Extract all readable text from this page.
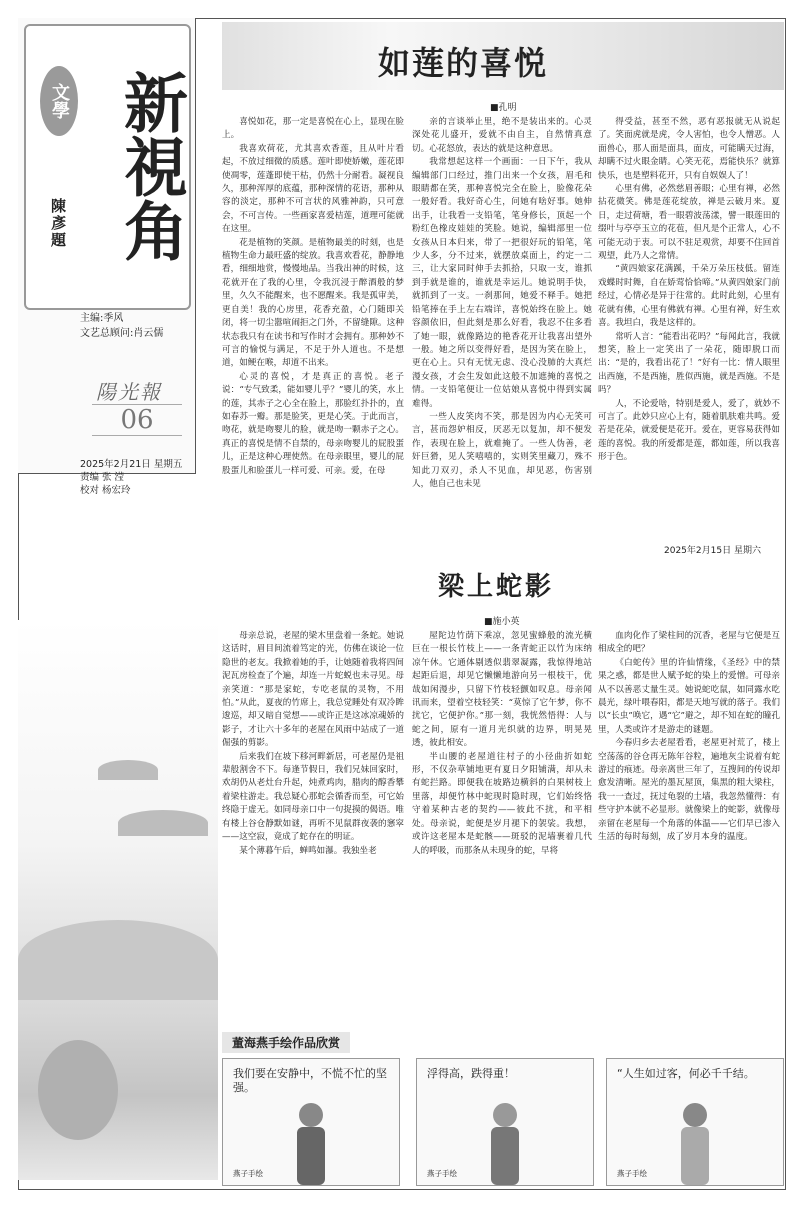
文學 新視角
陳彥題
主编:季风
文艺总顾问:肖云儒
陽光報
06
2025年2月21日 星期五
责编 张 滢
校对 杨宏玲
如莲的喜悦
■孔明

喜悦如花，那一定是喜悦在心上，显现在脸上。

我喜欢荷花，尤其喜欢香莲，且从叶片看起，不放过细微的质感。莲叶即使娇嫩，莲花即使凋零，莲蓬即使干枯，仍然十分耐看。凝视良久，那种浑厚的底蕴，那种深情的花语，那种从容的淡定，那种不可言状的风雅神韵，只可意会，不可言传。一些画家喜爱桔莲，道理可能就在这里。

花是植物的笑颜。是植物最美的时刻，也是植物生命力最旺盛的绽放。我喜欢看花，静静地看，细细地赏，慢慢地品。当我出神的时候，这花就开在了我的心里，令我沉浸于醉酒般的梦里，久久不能醒来，也不愿醒来。我是孤审美，更自美！我的心房里，花香充盈，心门随即关闭，将一切尘嚣喧闹拒之门外，不留缝隙。这种状态我只有在读书和写作时才会拥有。那种妙不可言的愉悦与满足，不足于外人道也。不是想道，如鲠在喉，却道不出来。

心灵的喜悦，才是真正的喜悦。老子说：“专气致柔，能如婴儿乎？”婴儿的笑，水上的莲，其赤子之心全在脸上，那脸红扑扑的，直如春苏一瓣。那是脸笑，更是心笑。于此而言，吻花，就是吻婴儿的脸，就是吻一颗赤子之心。真正的喜悦是情不自禁的，母亲吻婴儿的屁股蛋儿，正是这种心理使然。在母亲眼里，婴儿的屁股蛋儿和脸蛋儿一样可爱、可亲。爱，在母

亲的言谈举止里，绝不是装出来的。心灵深处花儿盛开，爱就不由自主，自然情真意切。心花怒放，表达的就是这种意思。

我常想起这样一个画面：一日下午，我从编辑部门口经过，推门出来一个女孩，眉毛和眼睛都在笑，那种喜悦完全在脸上，脸像花朵一般好看。我好奇心生，问她有啥好事。她伸出手，让我看一支铅笔，笔身修长，顶起一个粉红色橡皮娃娃的笑脸。她说，编辑部里一位女孩从日本归来，带了一把很好玩的铅笔，笔少人多，分不过来，就摆放桌面上，约定一二三，让大家同时伸手去抓拾，只取一支，谁抓到手就是谁的，谁就是幸运儿。她说明手快，就抓到了一支。一刹那间，她爱不释手。她把铅笔捧在手上左右端详，喜悦始终在脸上。她容颜依旧，但此刻是那么好看，我忍不住多看了她一眼，就像路边的艳香花开让我喜出望外一般。她之所以变得好看，是因为笑在脸上，更在心上。只有无忧无虑、没心没肺的大真烂漫女孩，才会生发如此这般不加遮掩的喜悦之情。一支铅笔便让一位姑娘从喜悦中得到实属难得。

一些人皮笑肉不笑，那是因为内心无笑可言，甚而怨妒相反，厌恶无以复加，却不便发作，表现在脸上，就难掩了。一些人伪善，老奸巨猾，见人笑嘻嘻的，实则笑里藏刀，殊不知此刀双刃，杀人不见血，却见恶，伤害别人，他自己也未见

得受益，甚至不然，恶有恶报就无从说起了。笑面虎就是虎，令人害怕，也令人憎恶。人面兽心，那人面是面具，面皮，可能瞒天过海，却瞒不过火眼金睛。心笑无花，焉能快乐？就算快乐，也是塑料花开，只有自娱娱人了！

心里有佛，必然慈眉善眼；心里有禅，必然拈花微笑。佛是莲花绽放，禅是云破月来。夏日，走过荷塘，看一眼碧波荡漾，譬一眼莲田的缀叶与亭亭玉立的花苞，但凡是个正常人，心不可能无动于衷。可以不驻足观赏，却要不住回首观望，此乃人之常情。

“黄四娘家花满蹊，千朵万朵压枝低。留连戏蝶时时舞，自在娇莺恰恰啼。”从黄四娘家门前经过，心情必是异于往常的。此时此刻，心里有花就有佛，心里有佛就有禅。心里有禅，好生欢喜。我坦白，我是这样的。

常听人言：“能看出花吗？”每闻此言，我就想笑，脸上一定笑出了一朵花，随即脱口而出：“是的，我看出花了！”好有一比：情人眼里出西施，不是西施，胜似西施，就是西施。不是吗？

人，不论爱啥，特别是爱人，爱了，就妙不可言了。此妙只应心上有，随着肌肤难共鸣。爱若是花朵，就爱便是花开。爱在，更容易获得如莲的喜悦。我的所爱都是莲，都如莲，所以我喜形于色。

2025年2月15日 星期六
梁上蛇影
■施小英

母亲总说，老屋的梁木里盘着一条蛇。她说这话时，眉目间流着笃定的光，仿佛在谈论一位隐世的老友。我掀着她的手，让她随着我将四间泥瓦房检查了个遍，却连一片蛇蜕也未寻见。母亲笑道：“那是家蛇，专吃老鼠的灵物，不用怕。”从此，夏夜的竹席上，我总觉睡处有双冷眸逡巡，却又暗自觉想——或许正是这冰凉魂娇的影子，才让六十多年的老屋在风雨中站成了一道倔强的剪影。

后来我们在坡下移河畔新居，可老屋仍是祖辈般割舍不下。每逢节假日，我们兄妹回家时，欢胡仍从老灶台升起，炖煮鸡肉，腊肉的醇香攀着梁柱游走。我总疑心那蛇会循香而至，可它始终隐于虚无。如同母亲口中一句捉摸的偈语。唯有楼上谷仓静默如谜，再听不见鼠群夜袭的窸窣——这空寂，竟成了蛇存在的明证。

某个薄暮午后，蝉鸣如瀑。我独坐老

屋陀边竹荫下乘凉，忽见蜜蜂般的流光横巨在一根长竹枝上——一条青蛇正以竹为床纳凉午休。它通体剔透似翡翠凝露，我惊得地站起距后退，却见它懒懒地游向另一根枝干，优哉如闲漫步，只留下竹枝轻颤如叹息。母亲闻讯而来，望着空枝轻笑：“莫惊了它午梦，你不扰它，它便护你。”那一刻，我恍然悟得：人与蛇之间，原有一道月光织就的边界，明晃晃透，彼此相安。

半山腰的老屋道往村子的小径曲折如蛇形，不仅杂草铺地更有夏日夕阳铺满，却从未有蛇拦路。即便我在坡路边横斜的白果树枝上里落，却便竹林中蛇现时隐时现，它们始终恪守着某种古老的契约——彼此不扰，和平相处。母亲说，蛇便是岁月褪下的袈裟。我想，或许这老屋本是蛇骸——斑驳的泥墙裹着几代人的呼吸，而那条从未现身的蛇，早将

血肉化作了梁柱间的沉香，老屋与它便是互相成全的吧？

《白蛇传》里的许仙情缘，《圣经》中的禁果之惑，都是世人赋予蛇的染上的爱憎。可母亲从不以善恶丈量生灵。她说蛇吃鼠，如同露水吃晨光，绿叶喂春阳，都是天地写就的落子。我们以“长虫”唤它，遇“它”避之，却不知在蛇的瞳孔里，人类或许才是游走的谜题。

今春归乡去老屋看看，老屋更衬荒了，楼上空荡荡的谷仓再无陈年谷粒，遍地灰尘说着有蛇游过的痕迹。母亲离世三年了，互搜间的传说却愈发清晰。屋光的墨瓦屋顶，集黑的粗大梁柱，我一一查过，抚过龟裂的土墙，我忽然懂得：有些守护本就不必显形。就像梁上的蛇影，就像母亲留在老屋每一个角落的体温——它们早已渗入生活的每时每刻，成了岁月本身的温度。

董海燕手绘作品欣赏
我们要在安静中，不慌不忙的坚强。
燕子手绘
浮得高，跌得重！
燕子手绘
“人生如过客，何必千千结。
燕子手绘
